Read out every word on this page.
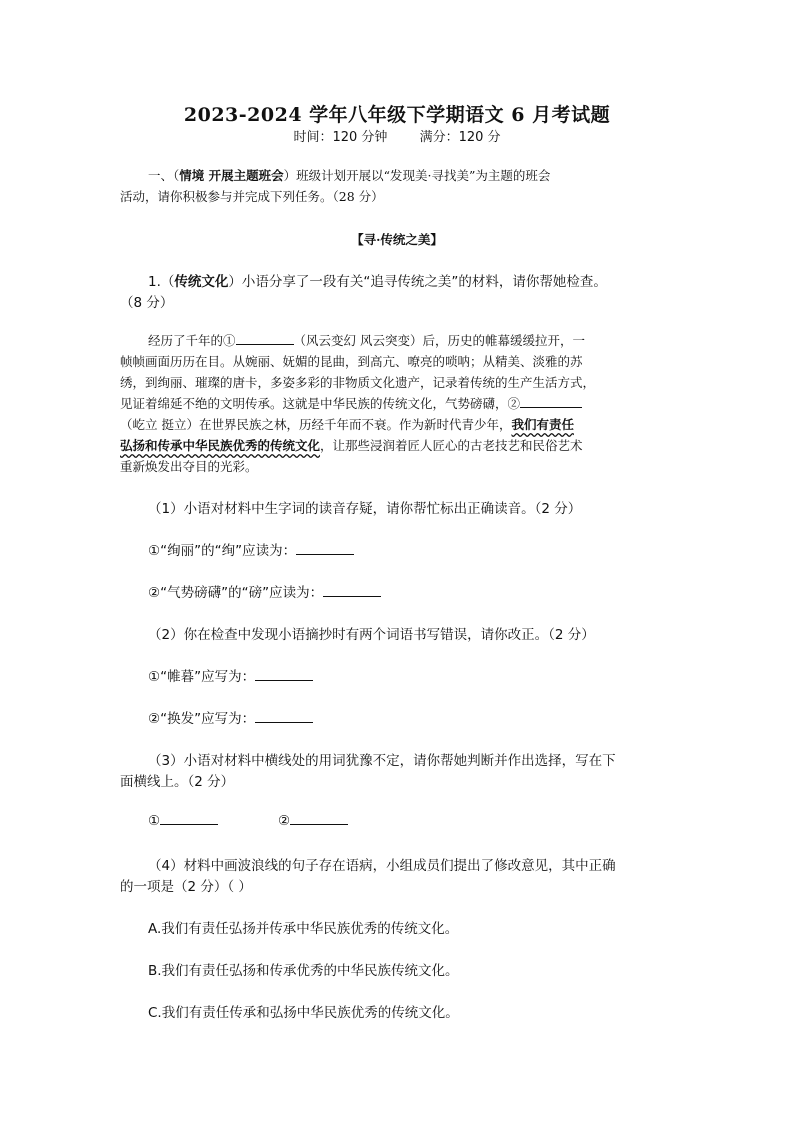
2023-2024 学年八年级下学期语文 6 月考试题
时间：120 分钟 满分：120 分
一、（情境 开展主题班会）班级计划开展以“发现美·寻找美”为主题的班会
活动，请你积极参与并完成下列任务。（28 分）
【寻·传统之美】
1.（传统文化）小语分享了一段有关“追寻传统之美”的材料，请你帮她检查。
（8 分）
经历了千年的①	（风云变幻 风云突变）后，历史的帷幕缓缓拉开，一
帧帧画面历历在目。从婉丽、妩媚的昆曲，到高亢、嘹亮的唢呐；从精美、淡雅的苏
绣，到绚丽、璀璨的唐卡，多姿多彩的非物质文化遗产，记录着传统的生产生活方式，
见证着绵延不绝的文明传承。这就是中华民族的传统文化，气势磅礴，②
（屹立 挺立）在世界民族之林，历经千年而不衰。作为新时代青少年，我们有责任
弘扬和传承中华民族优秀的传统文化，让那些浸润着匠人匠心的古老技艺和民俗艺术
重新焕发出夺目的光彩。
（1）小语对材料中生字词的读音存疑，请你帮忙标出正确读音。（2 分）
①“绚丽”的“绚”应读为：
②“气势磅礴”的“磅”应读为：
（2）你在检查中发现小语摘抄时有两个词语书写错误，请你改正。（2 分）
①“帷暮”应写为：
②“换发”应写为：
（3）小语对材料中横线处的用词犹豫不定，请你帮她判断并作出选择，写在下
面横线上。（2 分）
①	②
（4）材料中画波浪线的句子存在语病，小组成员们提出了修改意见，其中正确
的一项是（2 分）（ ）
A.我们有责任弘扬并传承中华民族优秀的传统文化。
B.我们有责任弘扬和传承优秀的中华民族传统文化。
C.我们有责任传承和弘扬中华民族优秀的传统文化。
